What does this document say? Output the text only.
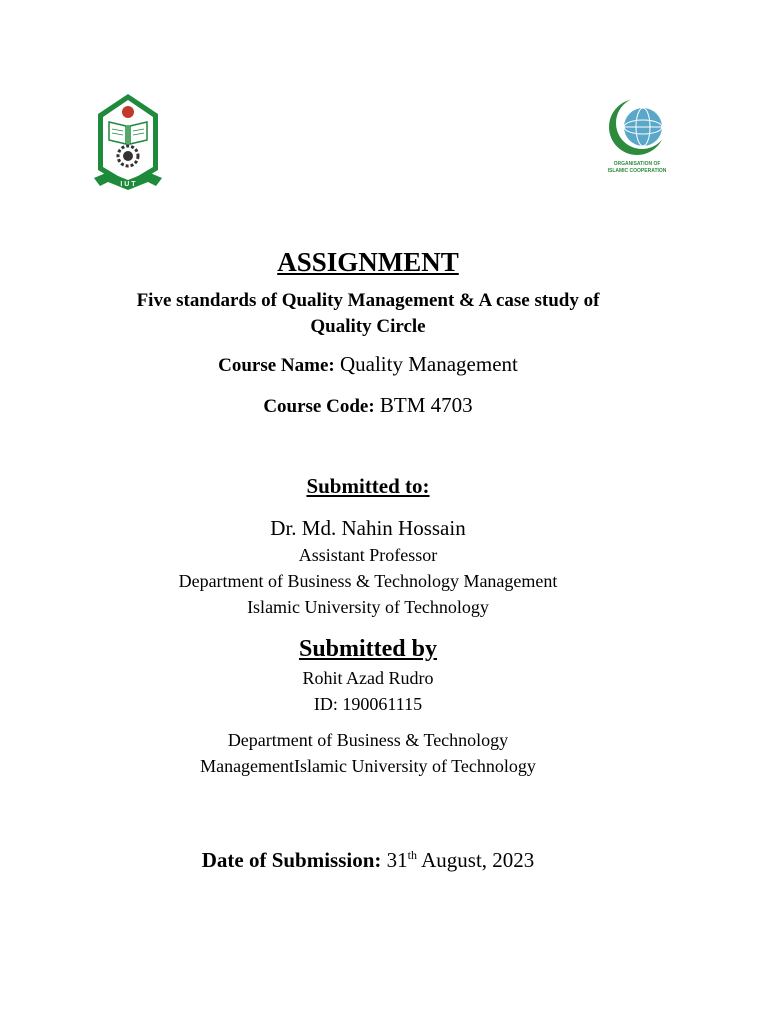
I U T
ORGANISATION OF
ISLAMIC COOPERATION
ASSIGNMENT
Five standards of Quality Management & A case study of
Quality Circle
Course Name: Quality Management
Course Code: BTM 4703
Submitted to:
Dr. Md. Nahin Hossain
Assistant Professor
Department of Business & Technology Management
Islamic University of Technology
Submitted by
Rohit Azad Rudro
ID: 190061115
Department of Business & Technology
ManagementIslamic University of Technology
Date of Submission: 31th August, 2023
